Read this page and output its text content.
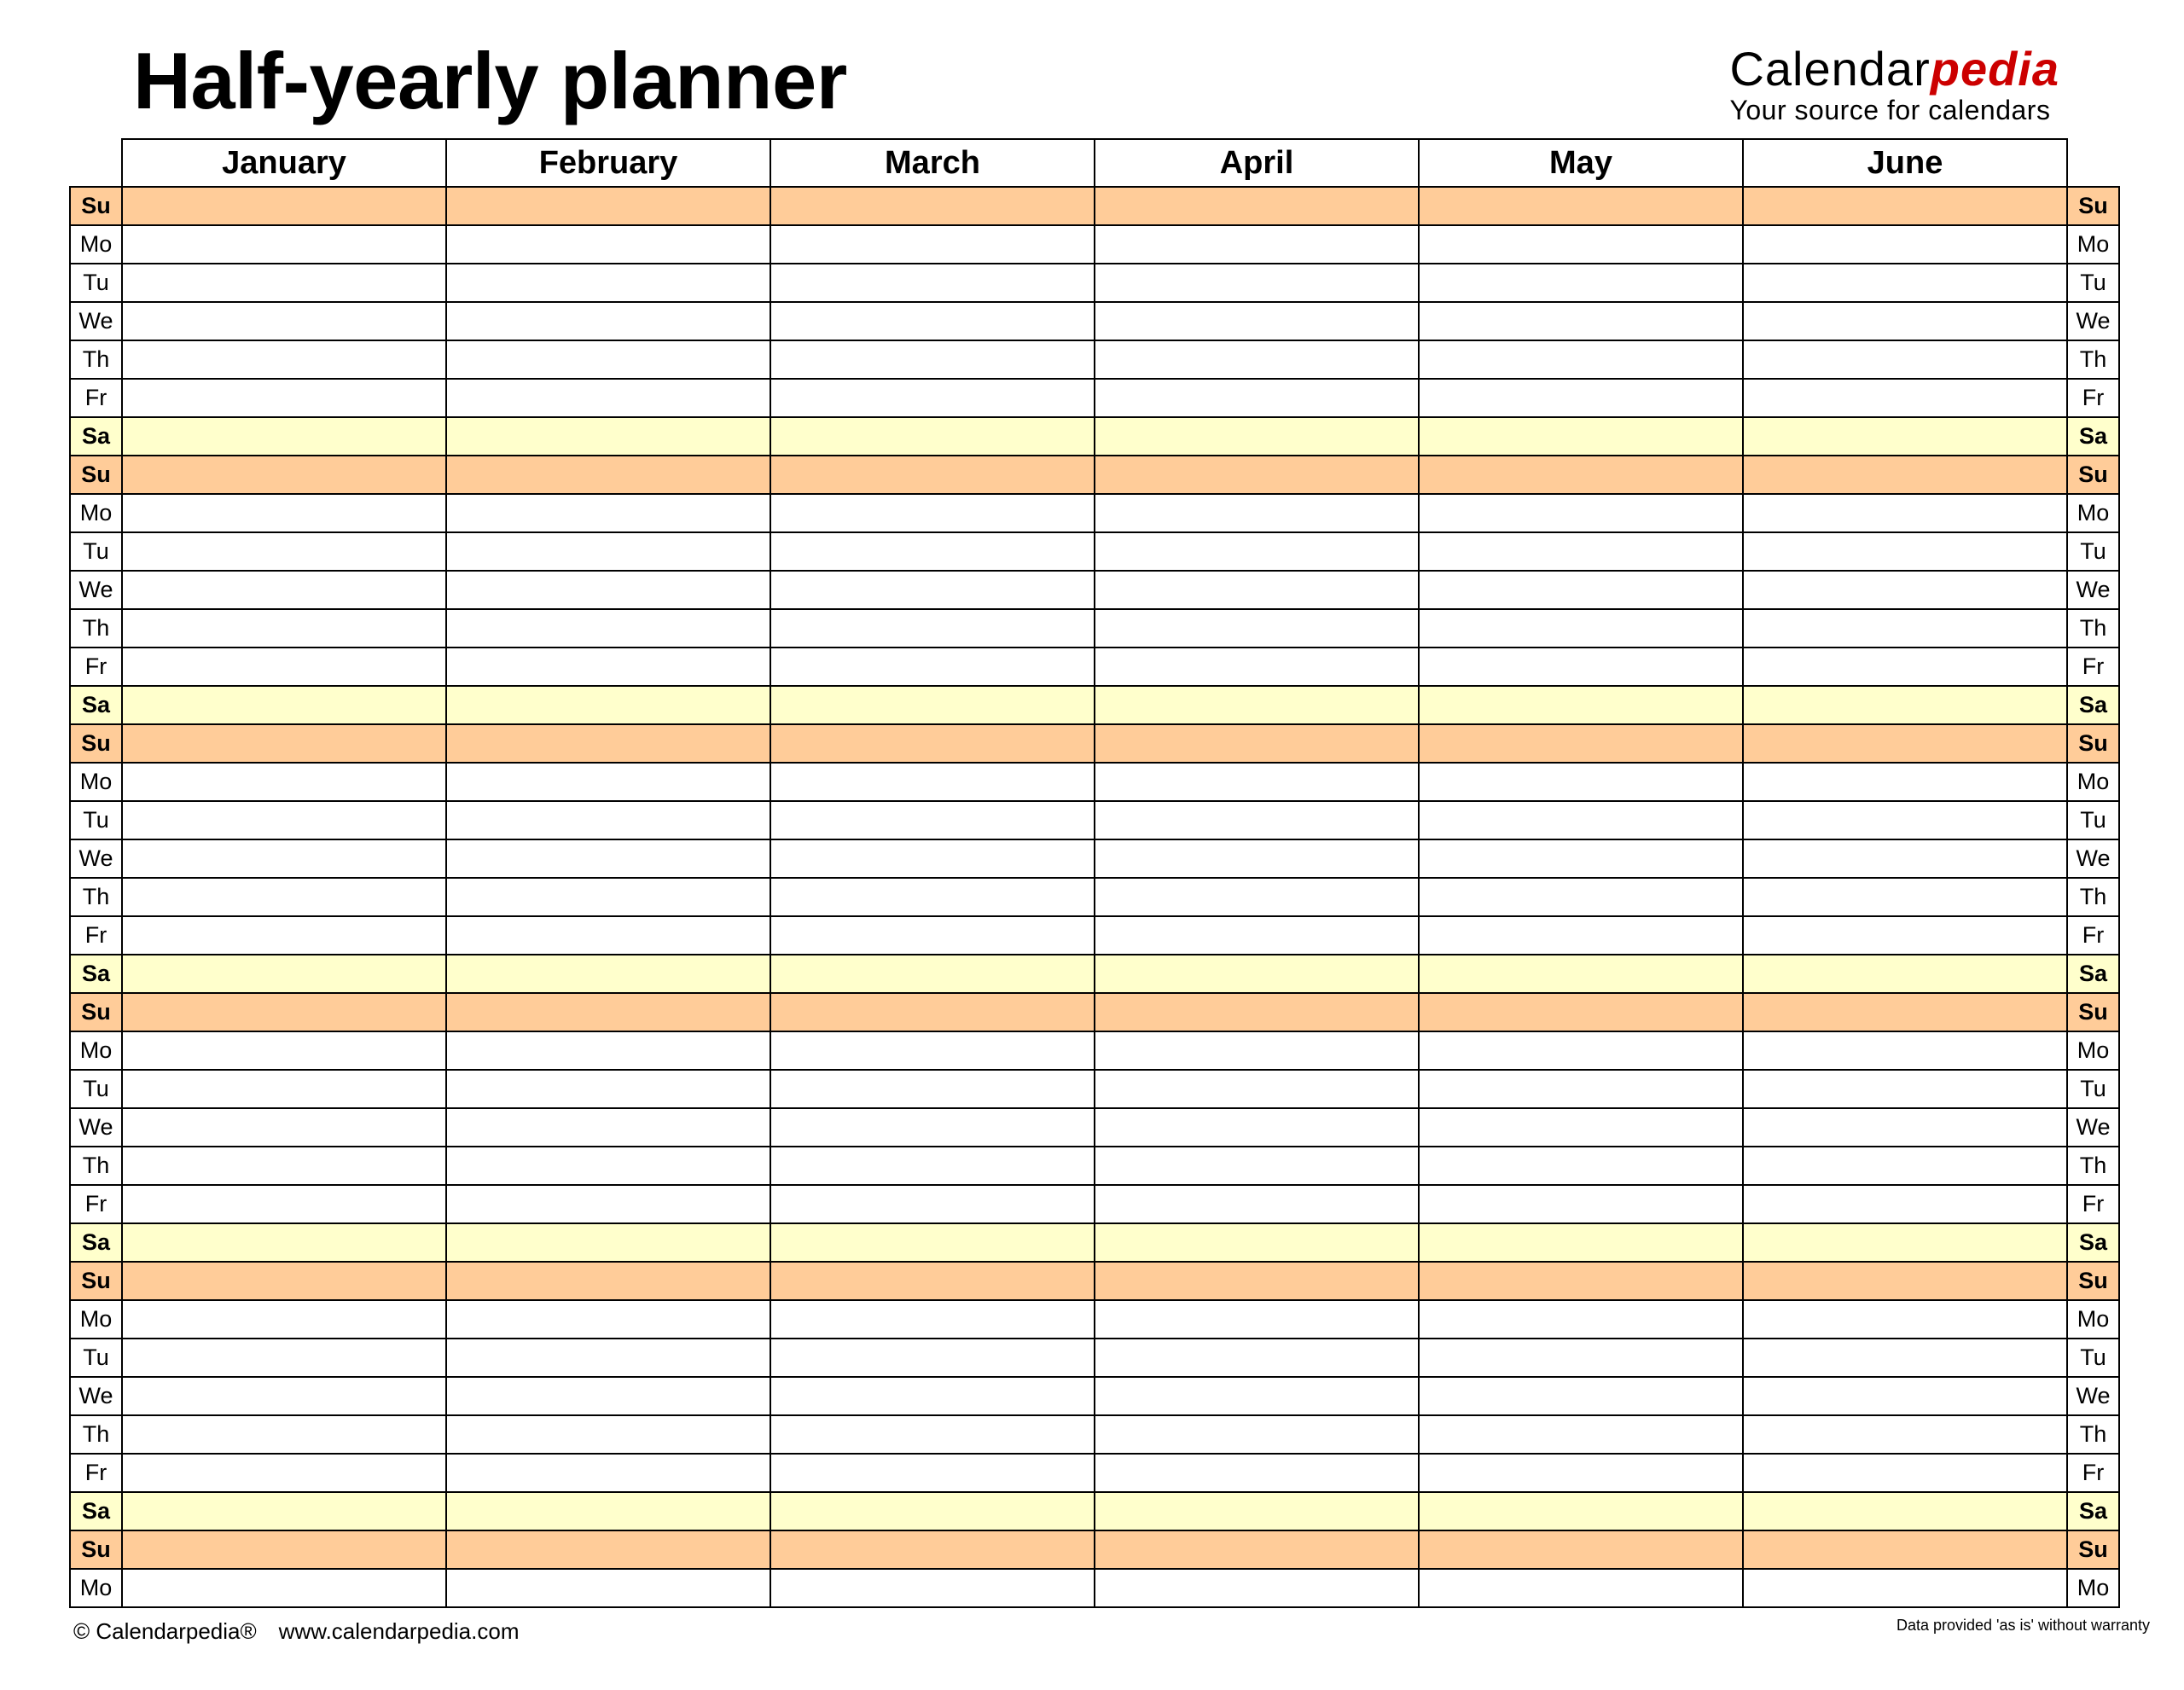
Half-yearly planner	Calendarpedia
Your source for calendars
	January	February	March	April	May	June	
Su							Su
Mo							Mo
Tu							Tu
We							We
Th							Th
Fr							Fr
Sa							Sa
Su							Su
Mo							Mo
Tu							Tu
We							We
Th							Th
Fr							Fr
Sa							Sa
Su							Su
Mo							Mo
Tu							Tu
We							We
Th							Th
Fr							Fr
Sa							Sa
Su							Su
Mo							Mo
Tu							Tu
We							We
Th							Th
Fr							Fr
Sa							Sa
Su							Su
Mo							Mo
Tu							Tu
We							We
Th							Th
Fr							Fr
Sa							Sa
Su							Su
Mo							Mo
© Calendarpedia® www.calendarpedia.com	Data provided 'as is' without warranty
